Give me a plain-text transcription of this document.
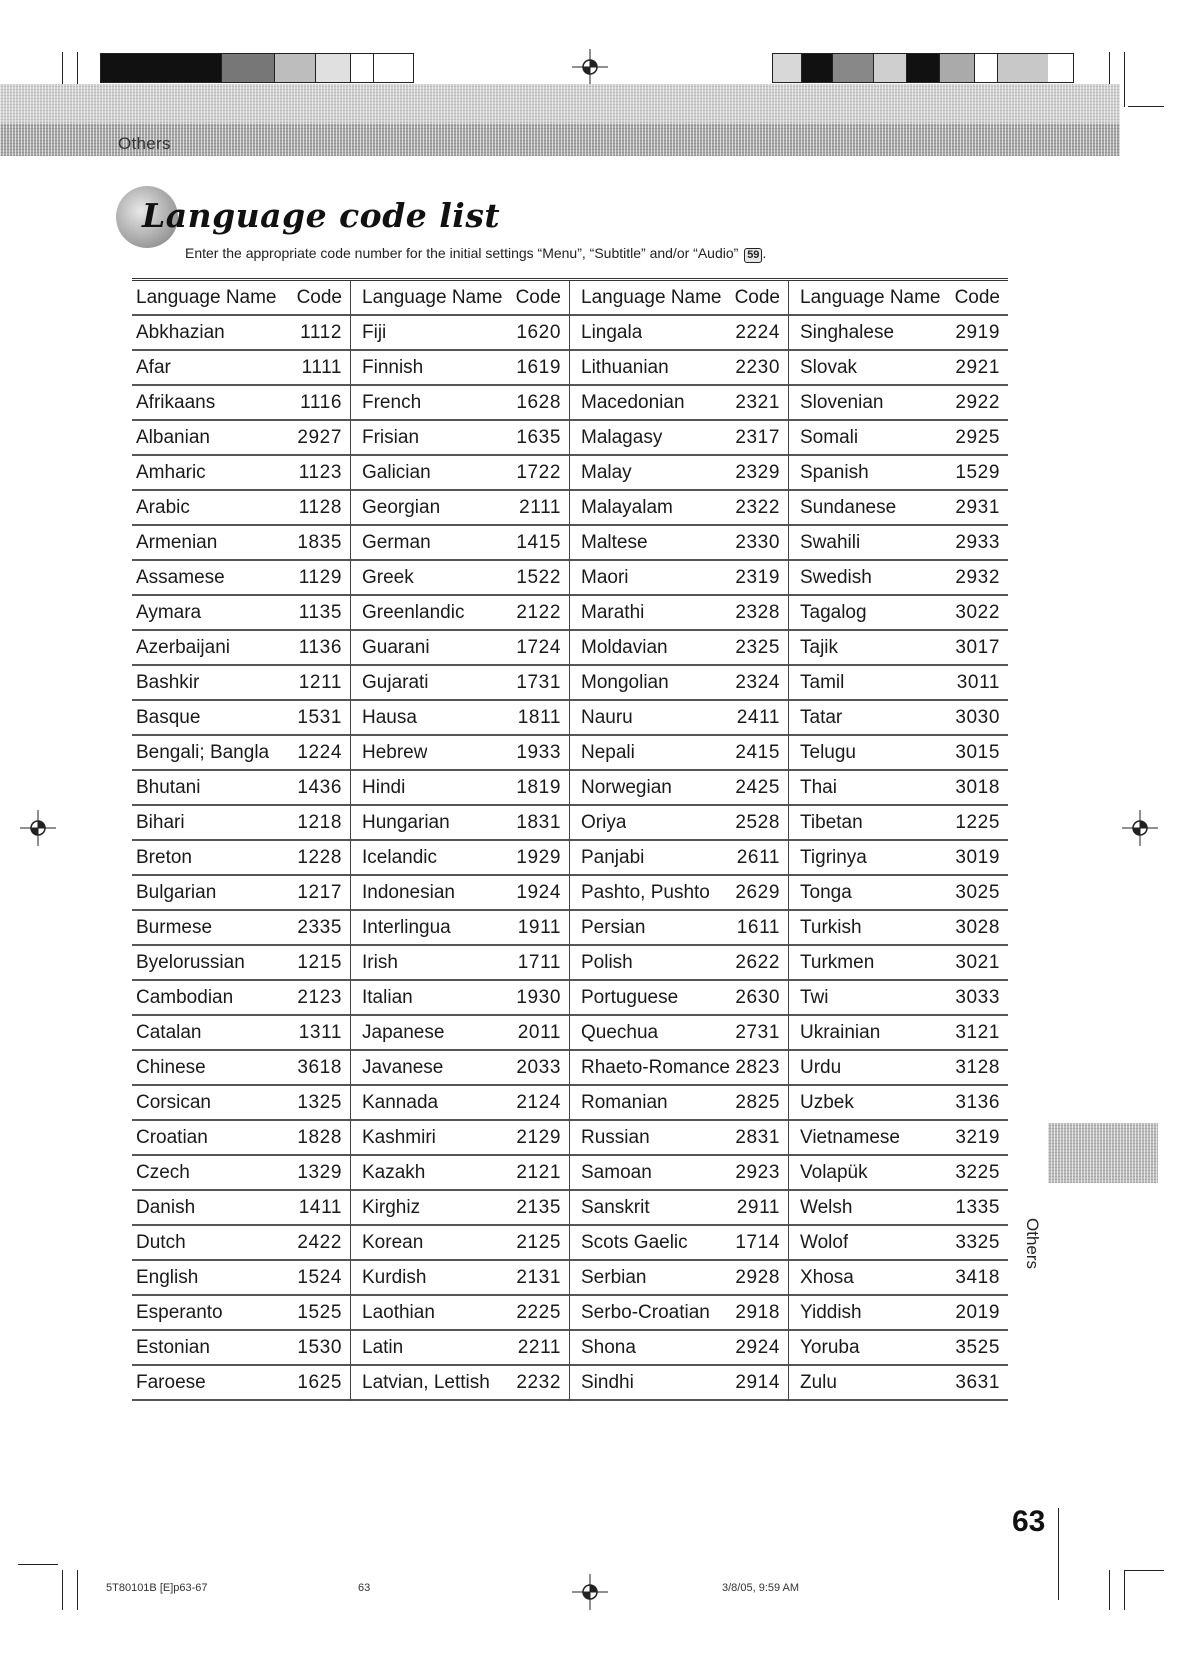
Others
Language code list
Enter the appropriate code number for the initial settings “Menu”, “Subtitle” and/or “Audio” 59 .
Language Name Code
Abkhazian	1112
Afar	1111
Afrikaans	1116
Albanian	2927
Amharic	1123
Arabic	1128
Armenian	1835
Assamese	1129
Aymara	1135
Azerbaijani	1136
Bashkir	1211
Basque	1531
Bengali; Bangla 1224
Bhutani	1436
Bihari	1218
Breton	1228
Bulgarian	1217
Burmese	2335
Byelorussian	1215
Cambodian	2123
Catalan	1311
Chinese	3618
Corsican	1325
Croatian	1828
Czech	1329
Danish	1411
Dutch	2422
English	1524
Esperanto	1525
Estonian	1530
Faroese	1625
Language Name Code
Fiji	1620
Finnish	1619
French	1628
Frisian	1635
Galician	1722
Georgian	2111
German	1415
Greek	1522
Greenlandic	2122
Guarani	1724
Gujarati	1731
Hausa	1811
Hebrew	1933
Hindi	1819
Hungarian	1831
Icelandic	1929
Indonesian	1924
Interlingua	1911
Irish	1711
Italian	1930
Japanese	2011
Javanese	2033
Kannada	2124
Kashmiri	2129
Kazakh	2121
Kirghiz	2135
Korean	2125
Kurdish	2131
Laothian	2225
Latin	2211
Latvian, Lettish 2232
Language Name Code
Lingala	2224
Lithuanian	2230
Macedonian	2321
Malagasy	2317
Malay	2329
Malayalam	2322
Maltese	2330
Maori	2319
Marathi	2328
Moldavian	2325
Mongolian	2324
Nauru	2411
Nepali	2415
Norwegian	2425
Oriya	2528
Panjabi	2611
Pashto, Pushto 2629
Persian	1611
Polish	2622
Portuguese	2630
Quechua	2731
Rhaeto-Romance 2823
Romanian	2825
Russian	2831
Samoan	2923
Sanskrit	2911
Scots Gaelic	1714
Serbian	2928
Serbo-Croatian 2918
Shona	2924
Sindhi	2914
Language Name Code
Singhalese	2919
Slovak	2921
Slovenian	2922
Somali	2925
Spanish	1529
Sundanese	2931
Swahili	2933
Swedish	2932
Tagalog	3022
Tajik	3017
Tamil	3011
Tatar	3030
Telugu	3015
Thai	3018
Tibetan	1225
Tigrinya	3019
Tonga	3025
Turkish	3028
Turkmen	3021
Twi	3033
Ukrainian	3121
Urdu	3128
Uzbek	3136
Vietnamese	3219
Volapük	3225
Welsh	1335
Wolof	3325
Xhosa	3418
Yiddish	2019
Yoruba	3525
Zulu	3631
Others
63
5T80101B [E]p63-67	63	3/8/05, 9:59 AM
